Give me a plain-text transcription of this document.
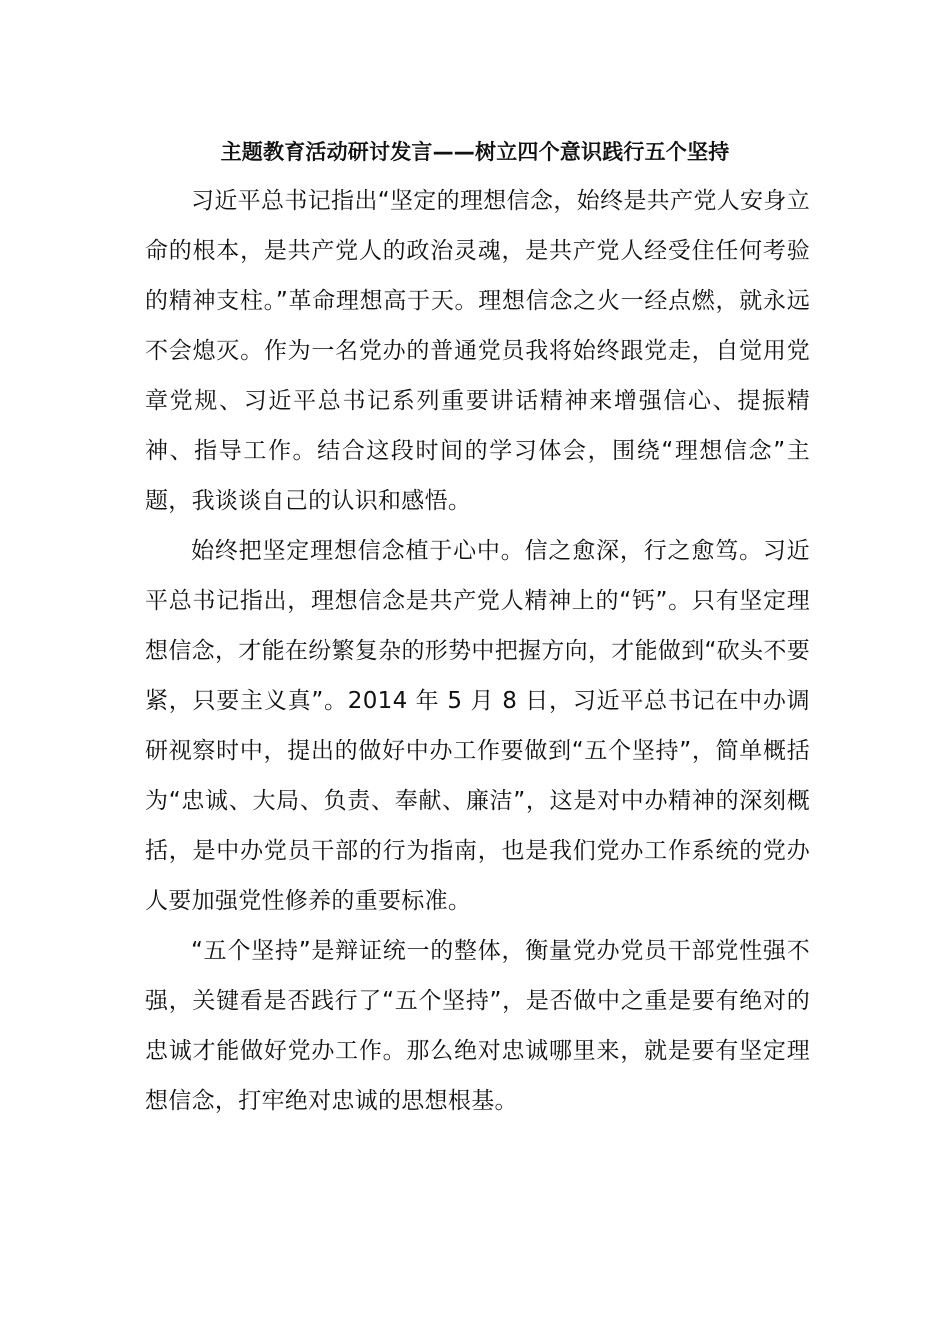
主题教育活动研讨发言——树立四个意识践行五个坚持

习近平总书记指出“坚定的理想信念，始终是共产党人安身立命的根本，是共产党人的政治灵魂，是共产党人经受住任何考验的精神支柱。”革命理想高于天。理想信念之火一经点燃，就永远不会熄灭。作为一名党办的普通党员我将始终跟党走，自觉用党章党规、习近平总书记系列重要讲话精神来增强信心、提振精神、指导工作。结合这段时间的学习体会，围绕“理想信念”主题，我谈谈自己的认识和感悟。

始终把坚定理想信念植于心中。信之愈深，行之愈笃。习近平总书记指出，理想信念是共产党人精神上的“钙”。只有坚定理想信念，才能在纷繁复杂的形势中把握方向，才能做到“砍头不要紧，只要主义真”。2014 年 5 月 8 日，习近平总书记在中办调研视察时中，提出的做好中办工作要做到“五个坚持”，简单概括为“忠诚、大局、负责、奉献、廉洁”，这是对中办精神的深刻概括，是中办党员干部的行为指南，也是我们党办工作系统的党办人要加强党性修养的重要标准。

“五个坚持”是辩证统一的整体，衡量党办党员干部党性强不强，关键看是否践行了“五个坚持”，是否做中之重是要有绝对的忠诚才能做好党办工作。那么绝对忠诚哪里来，就是要有坚定理想信念，打牢绝对忠诚的思想根基。
